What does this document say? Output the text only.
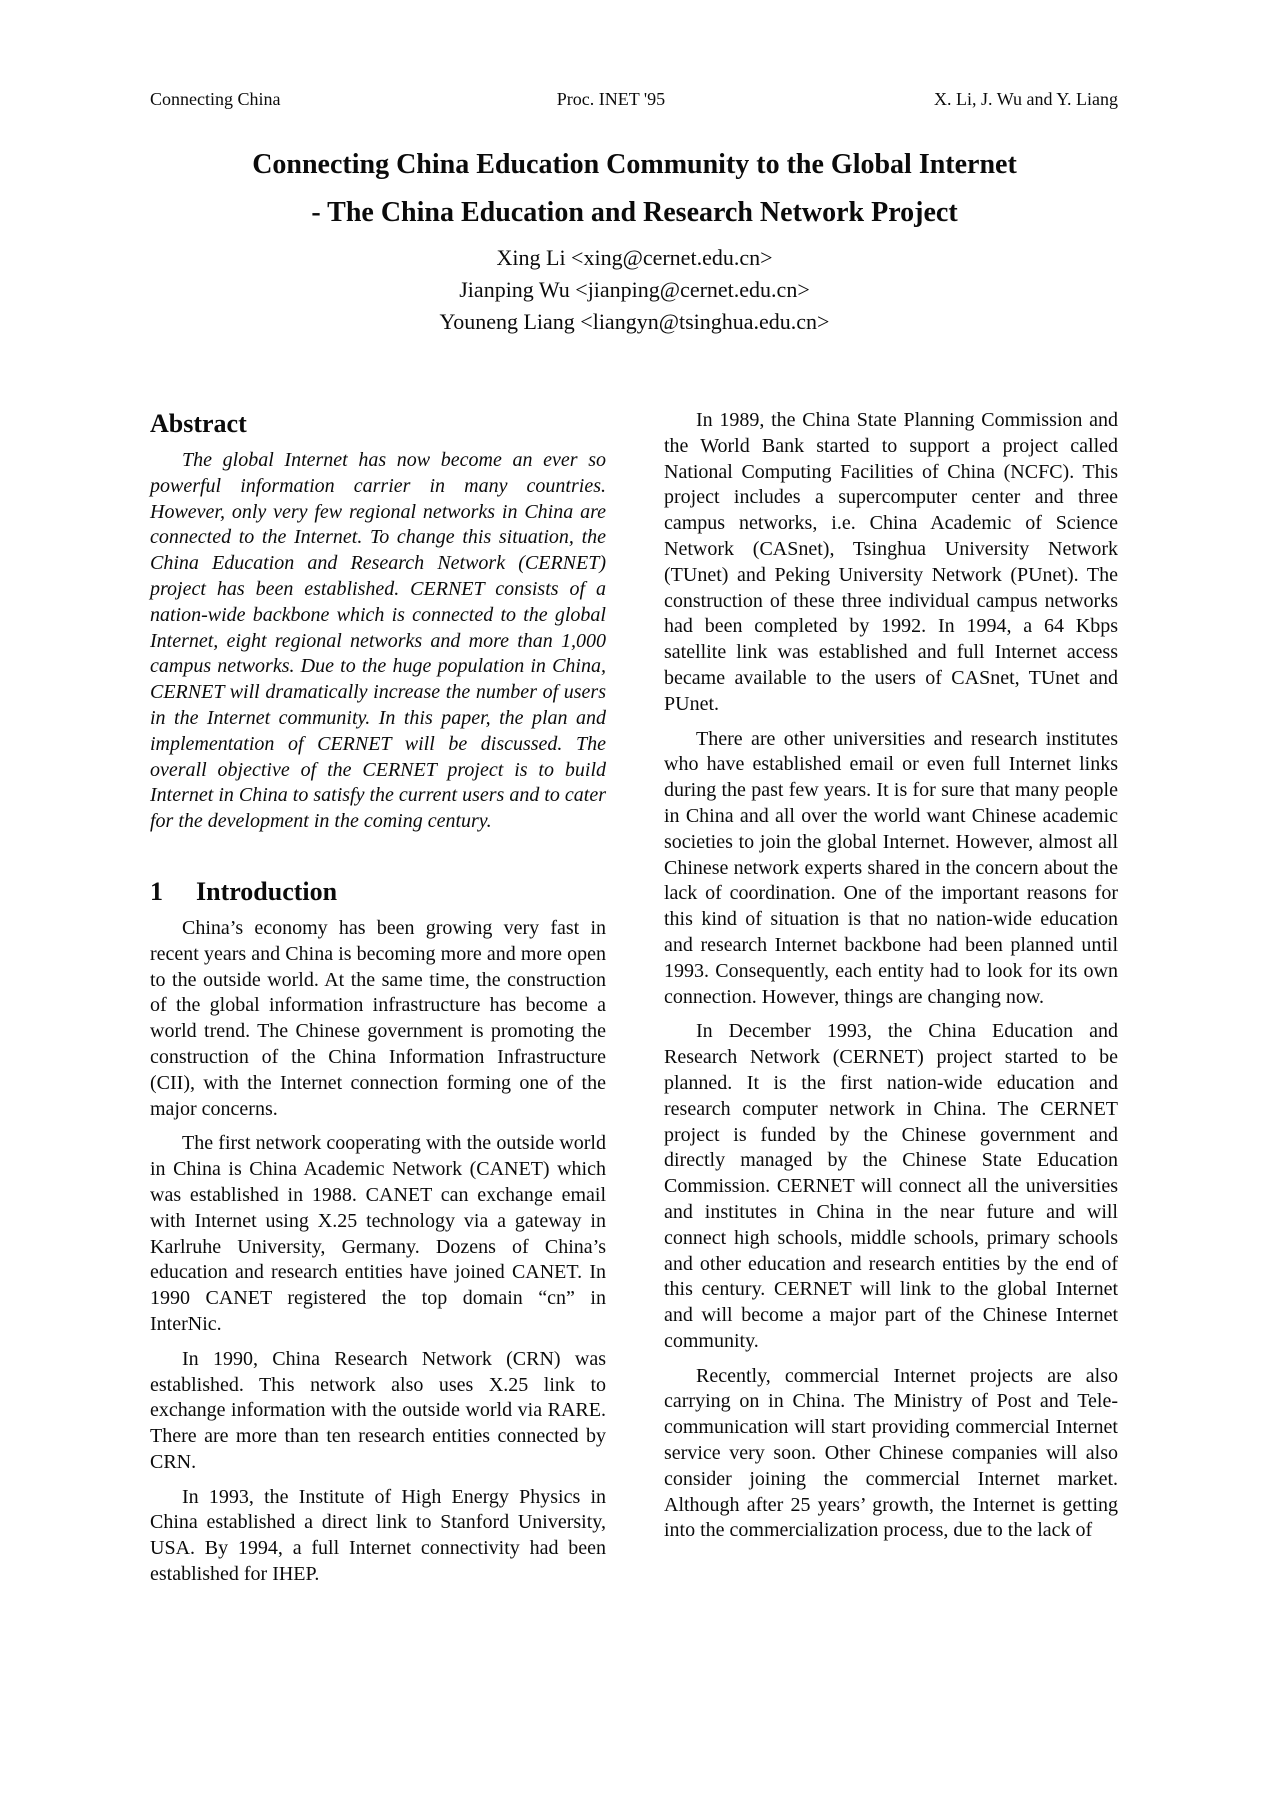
Connecting China	Proc. INET '95	X. Li, J. Wu and Y. Liang
Connecting China Education Community to the Global Internet
- The China Education and Research Network Project
Xing Li <xing@cernet.edu.cn>
Jianping Wu <jianping@cernet.edu.cn>
Youneng Liang <liangyn@tsinghua.edu.cn>
Abstract

The global Internet has now become an ever so powerful information carrier in many countries. However, only very few regional networks in China are connected to the Internet. To change this situation, the China Education and Research Network (CERNET) project has been established. CERNET consists of a nation-wide backbone which is connected to the global Internet, eight regional networks and more than 1,000 campus networks. Due to the huge population in China, CERNET will dramatically increase the number of users in the Internet community. In this paper, the plan and implementation of CERNET will be discussed. The overall objective of the CERNET project is to build Internet in China to satisfy the current users and to cater for the development in the coming century.

1 Introduction

China’s economy has been growing very fast in recent years and China is becoming more and more open to the outside world. At the same time, the construction of the global information infrastructure has become a world trend. The Chinese government is promoting the construction of the China Information Infrastructure (CII), with the Internet connection forming one of the major concerns.

The first network cooperating with the outside world in China is China Academic Network (CANET) which was established in 1988. CANET can exchange email with Internet using X.25 technology via a gateway in Karlruhe University, Germany. Dozens of China’s education and research entities have joined CANET. In 1990 CANET registered the top domain “cn” in InterNic.

In 1990, China Research Network (CRN) was established. This network also uses X.25 link to exchange information with the outside world via RARE. There are more than ten research entities connected by CRN.

In 1993, the Institute of High Energy Physics in China established a direct link to Stanford University, USA. By 1994, a full Internet connectivity had been established for IHEP.

In 1989, the China State Planning Commission and the World Bank started to support a project called National Computing Facilities of China (NCFC). This project includes a supercomputer center and three campus networks, i.e. China Academic of Science Network (CASnet), Tsinghua University Network (TUnet) and Peking University Network (PUnet). The construction of these three individual campus networks had been completed by 1992. In 1994, a 64 Kbps satellite link was established and full Internet access became available to the users of CASnet, TUnet and PUnet.

There are other universities and research institutes who have established email or even full Internet links during the past few years. It is for sure that many people in China and all over the world want Chinese academic societies to join the global Internet. However, almost all Chinese network experts shared in the concern about the lack of coordination. One of the important reasons for this kind of situation is that no nation-wide education and research Internet backbone had been planned until 1993. Consequently, each entity had to look for its own connection. However, things are changing now.

In December 1993, the China Education and Research Network (CERNET) project started to be planned. It is the first nation-wide education and research computer network in China. The CERNET project is funded by the Chinese government and directly managed by the Chinese State Education Commission. CERNET will connect all the universities and institutes in China in the near future and will connect high schools, middle schools, primary schools and other education and research entities by the end of this century. CERNET will link to the global Internet and will become a major part of the Chinese Internet community.

Recently, commercial Internet projects are also carrying on in China. The Ministry of Post and Tele-communication will start providing commercial Internet service very soon. Other Chinese companies will also consider joining the commercial Internet market. Although after 25 years’ growth, the Internet is getting into the commercialization process, due to the lack of
